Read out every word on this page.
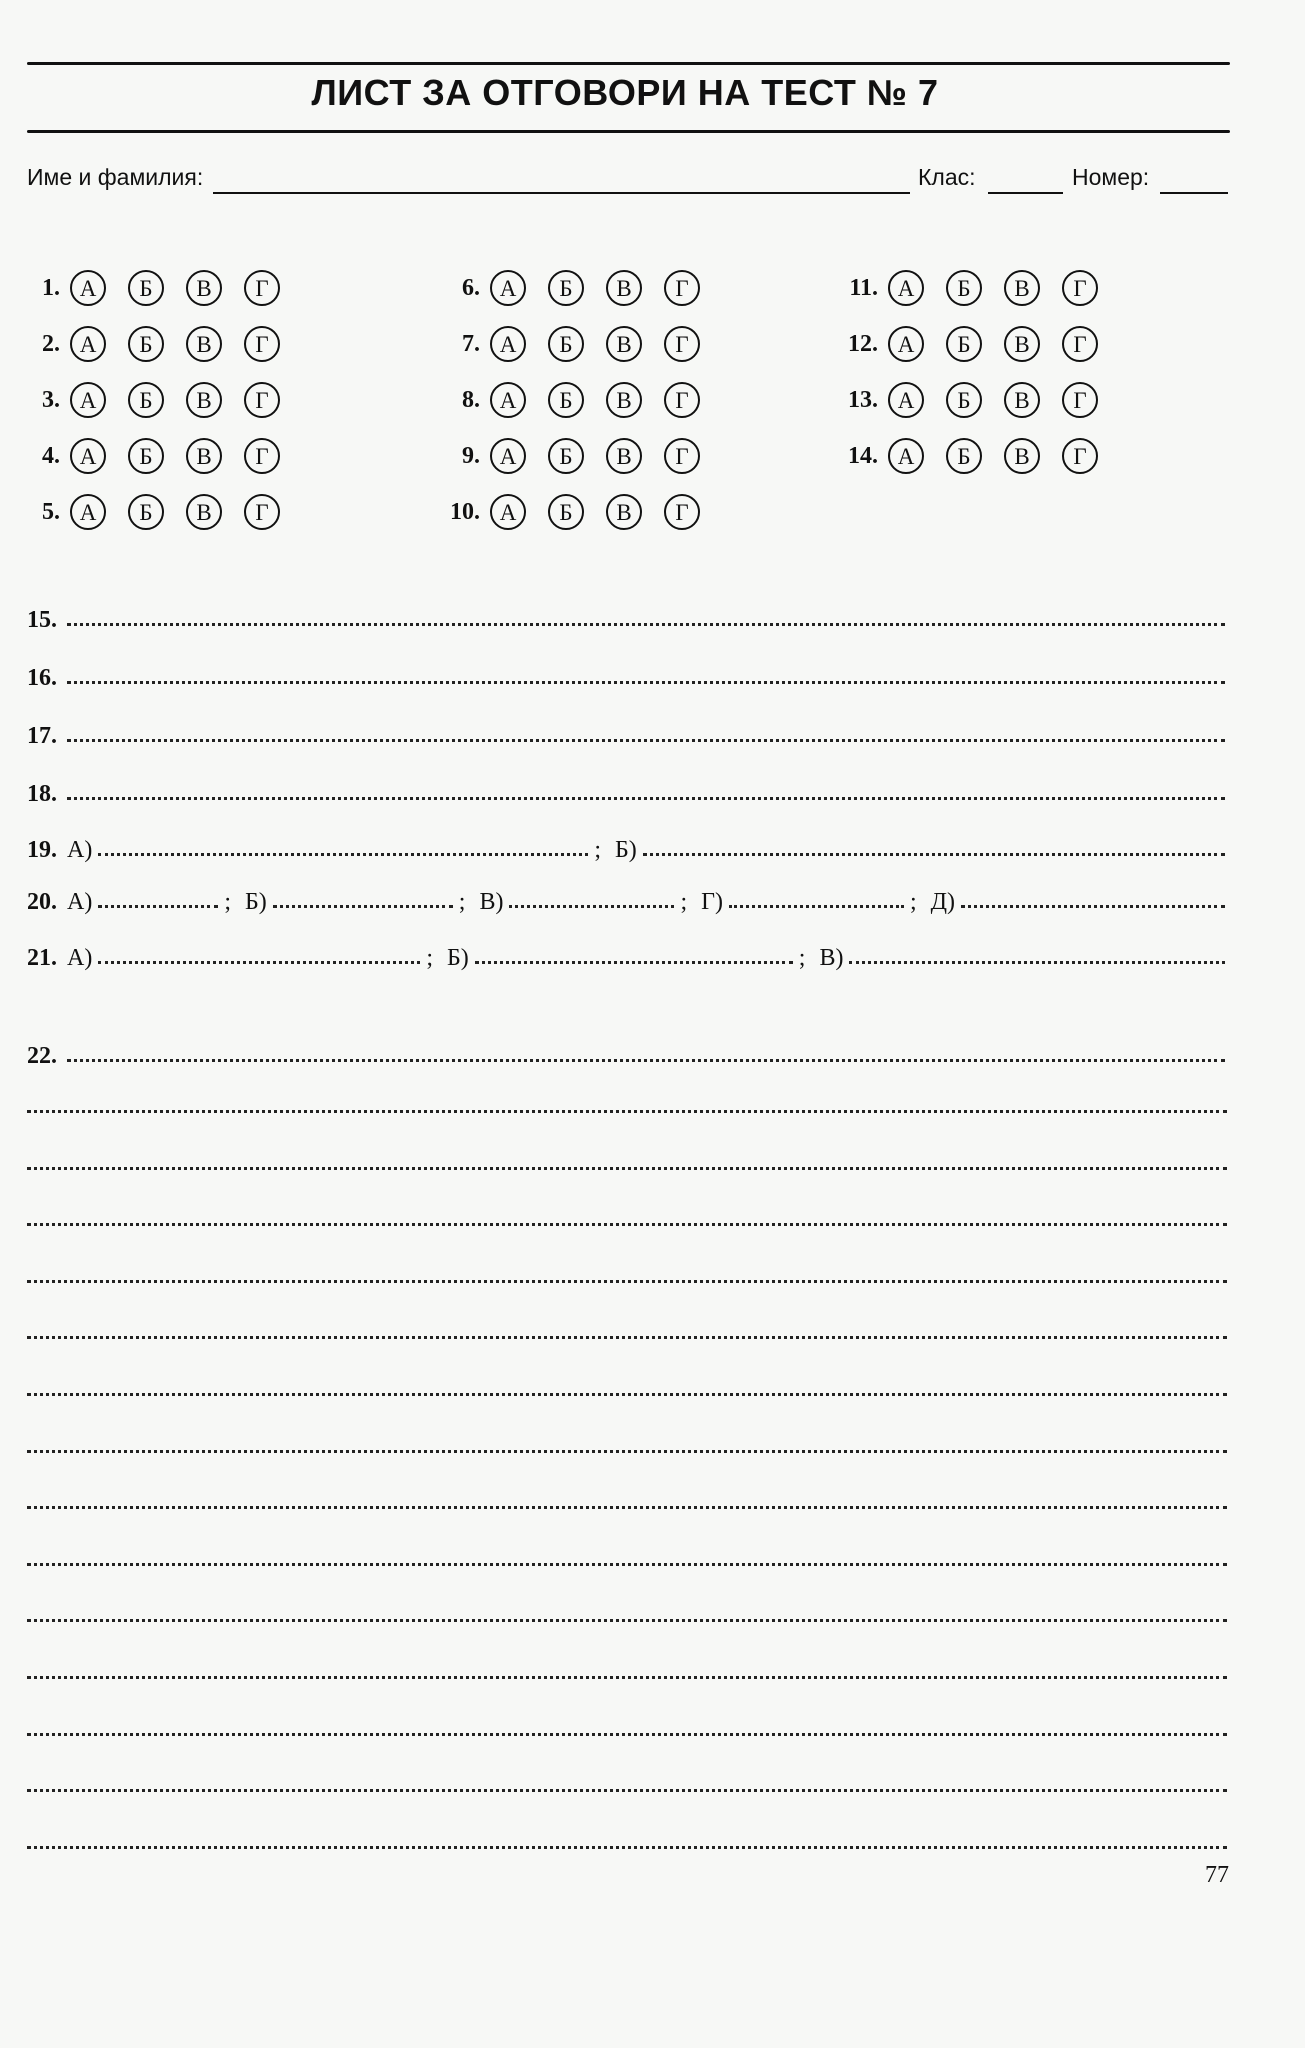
ЛИСТ ЗА ОТГОВОРИ НА ТЕСТ № 7
Име и фамилия:	Клас:	Номер:
1. А	Б	В	Г
2. А	Б	В	Г
3. А	Б	В	Г
4. А	Б	В	Г
5. А	Б	В	Г
6. А	Б	В	Г
7. А	Б	В	Г
8. А	Б	В	Г
9. А	Б	В	Г
10. А	Б	В	Г
11. А	Б	В	Г
12. А	Б	В	Г
13. А	Б	В	Г
14. А	Б	В	Г
15.
16.
17.
18.
19. А)	; Б)
20. А)	; Б)	; В)	; Г)	; Д)
21. А)	; Б)	; В)
22.
77
